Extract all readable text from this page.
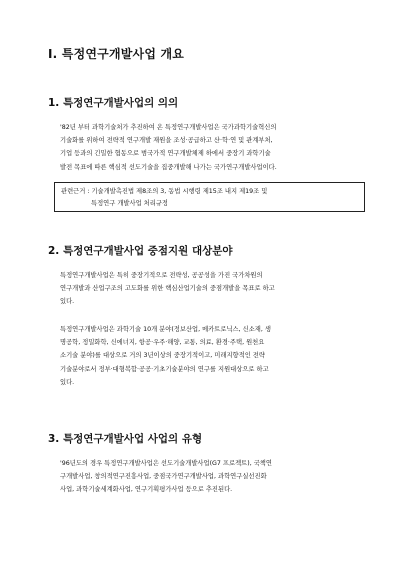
Ⅰ. 특정연구개발사업 개요
1. 특정연구개발사업의 의의
'82년 부터 과학기술처가 추진하여 온 특정연구개발사업은 국가과학기술혁신의
기술화를 위하여 전략적 연구개발 재원을 조성·공급하고 산·학·연 및 관계부처,
기업 등과의 긴밀한 협동으로 범국가적 연구개발체제 하에서 중장기 과학기술
발전 목표에 따른 핵심적 선도기술을 집중개발해 나가는 국가연구개발사업이다.
관련근거 : 기술개발촉진법 제8조의 3, 동법 시행령 제15조 내지 제19조 및
특정연구 개발사업 처리규정
2. 특정연구개발사업 중점지원 대상분야
특정연구개발사업은 특히 중장기적으로 전략성, 공공성을 가진 국가차원의
연구개발과 산업구조의 고도화를 위한 핵심산업기술의 중점개발을 목표로 하고
있다.
특정연구개발사업은 과학기술 10개 분야(정보산업, 메카트로닉스, 신소재, 생
명공학, 정밀화학, 신에너지, 항공·우주·해양, 교통, 의료, 환경·주택, 원천요
소기술 분야)를 대상으로 거의 3년이상의 중장기적이고, 미래지향적인 전략
기술분야로서 정부·대형복합·공공·기초기술분야의 연구를 지원대상으로 하고
있다.
3. 특정연구개발사업 사업의 유형
'96년도의 경우 특정연구개발사업은 선도기술개발사업(G7 프로젝트), 국책연
구개발사업, 창의적연구진흥사업, 중점국가연구개발사업, 과학연구실선진화
사업, 과학기술세계화사업, 연구기획평가사업 등으로 추진된다.
